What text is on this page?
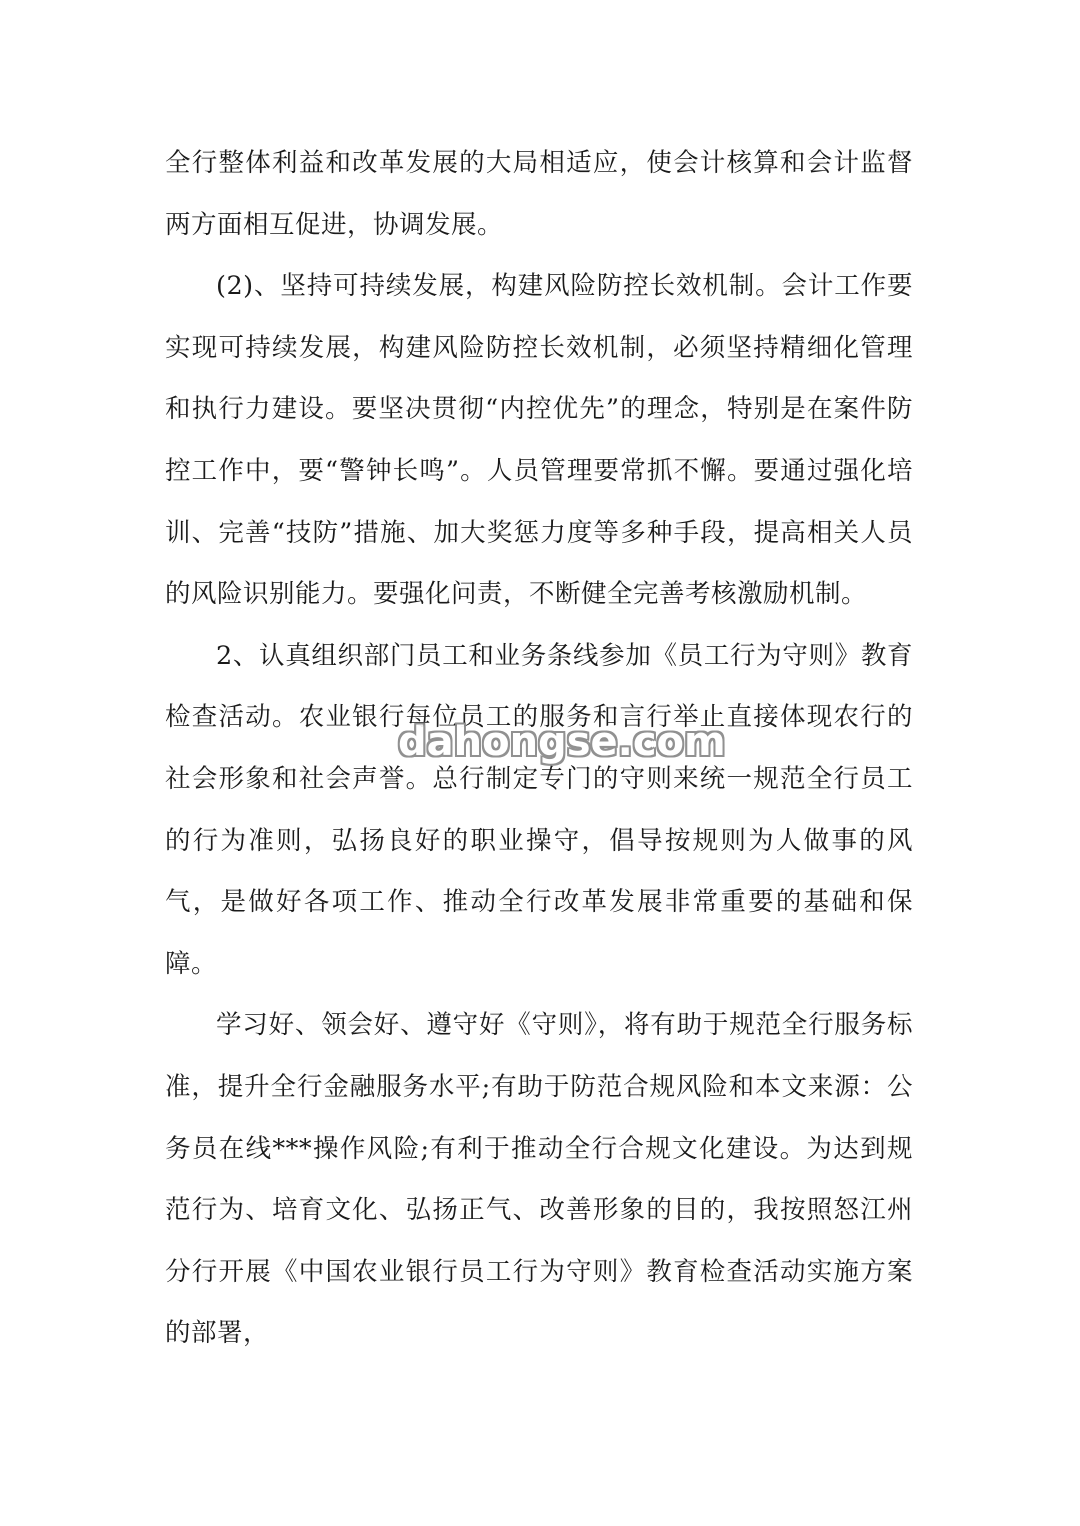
全行整体利益和改革发展的大局相适应，使会计核算和会计监督两方面相互促进，协调发展。

(2)、坚持可持续发展，构建风险防控长效机制。会计工作要实现可持续发展，构建风险防控长效机制，必须坚持精细化管理和执行力建设。要坚决贯彻“内控优先”的理念，特别是在案件防控工作中，要“警钟长鸣”。人员管理要常抓不懈。要通过强化培训、完善“技防”措施、加大奖惩力度等多种手段，提高相关人员的风险识别能力。要强化问责，不断健全完善考核激励机制。

2、认真组织部门员工和业务条线参加《员工行为守则》教育检查活动。农业银行每位员工的服务和言行举止直接体现农行的社会形象和社会声誉。总行制定专门的守则来统一规范全行员工的行为准则，弘扬良好的职业操守，倡导按规则为人做事的风气，是做好各项工作、推动全行改革发展非常重要的基础和保障。

学习好、领会好、遵守好《守则》，将有助于规范全行服务标准，提升全行金融服务水平;有助于防范合规风险和本文来源：公务员在线***操作风险;有利于推动全行合规文化建设。为达到规范行为、培育文化、弘扬正气、改善形象的目的，我按照怒江州分行开展《中国农业银行员工行为守则》教育检查活动实施方案的部署，

dahongse.com
